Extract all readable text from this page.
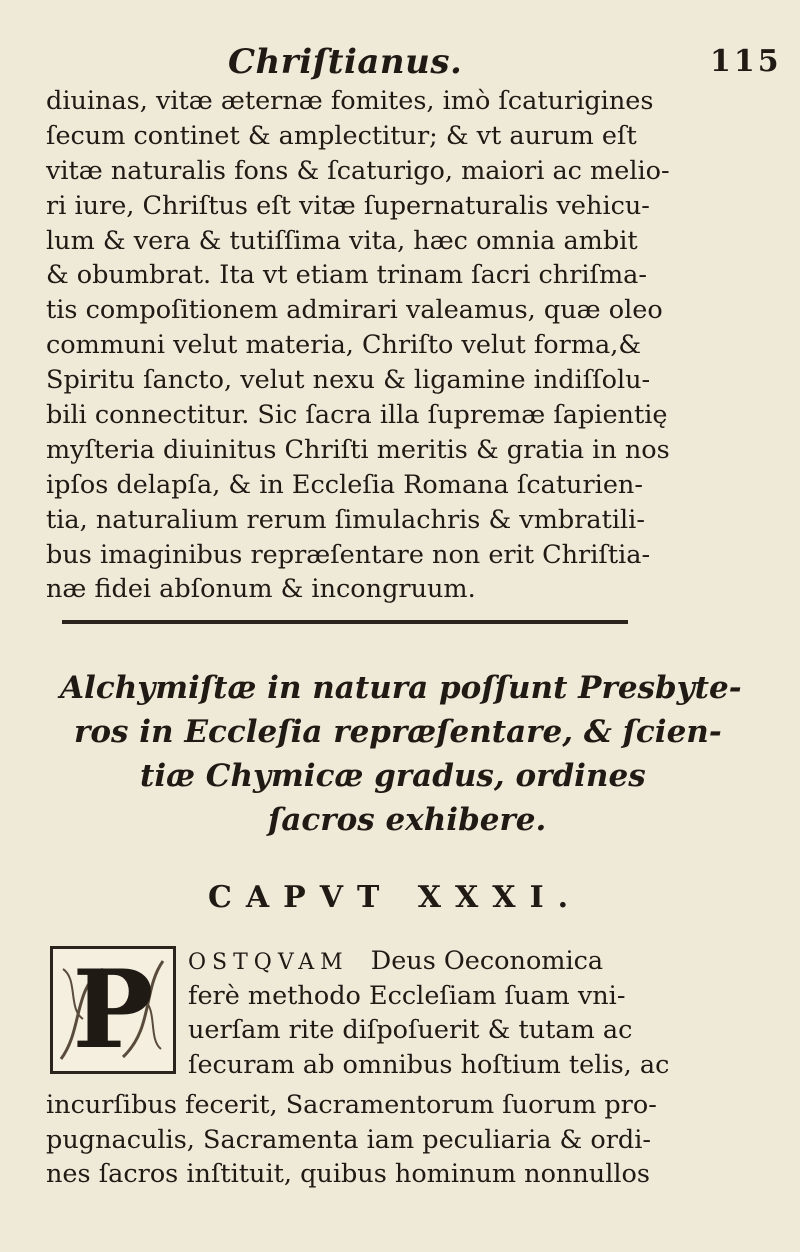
Chriſtianus.	115
diuinas, vitæ æternæ fomites, imò ſcaturigines
ſecum continet & amplectitur; & vt aurum eſt
vitæ naturalis fons & ſcaturigo, maiori ac melio-
ri iure, Chriſtus eſt vitæ ſupernaturalis vehicu-
lum & vera & tutiſſima vita, hæc omnia ambit
& obumbrat. Ita vt etiam trinam ſacri chriſma-
tis compoſitionem admirari valeamus, quæ oleo
communi velut materia, Chriſto velut forma,&
Spiritu ſancto, velut nexu & ligamine indiſſolu-
bili connectitur. Sic ſacra illa ſupremæ ſapientię
myſteria diuinitus Chriſti meritis & gratia in nos
ipſos delapſa, & in Eccleſia Romana ſcaturien-
tia, naturalium rerum ſimulachris & vmbratili-
bus imaginibus repræſentare non erit Chriſtia-
næ fidei abſonum & incongruum.
Alchymiſtæ in natura poſſunt Presbyte-
ros in Eccleſia repræſentare, & ſcien-
tiæ Chymicæ gradus, ordines
ſacros exhibere.
CAPVT XXXI.
P	OSTQVAM Deus Oeconomica
ferè methodo Eccleſiam ſuam vni-
uerſam rite diſpoſuerit & tutam ac
ſecuram ab omnibus hoſtium telis, ac
incurſibus fecerit, Sacramentorum ſuorum pro-
pugnaculis, Sacramenta iam peculiaria & ordi-
nes ſacros inſtituit, quibus hominum nonnullos
